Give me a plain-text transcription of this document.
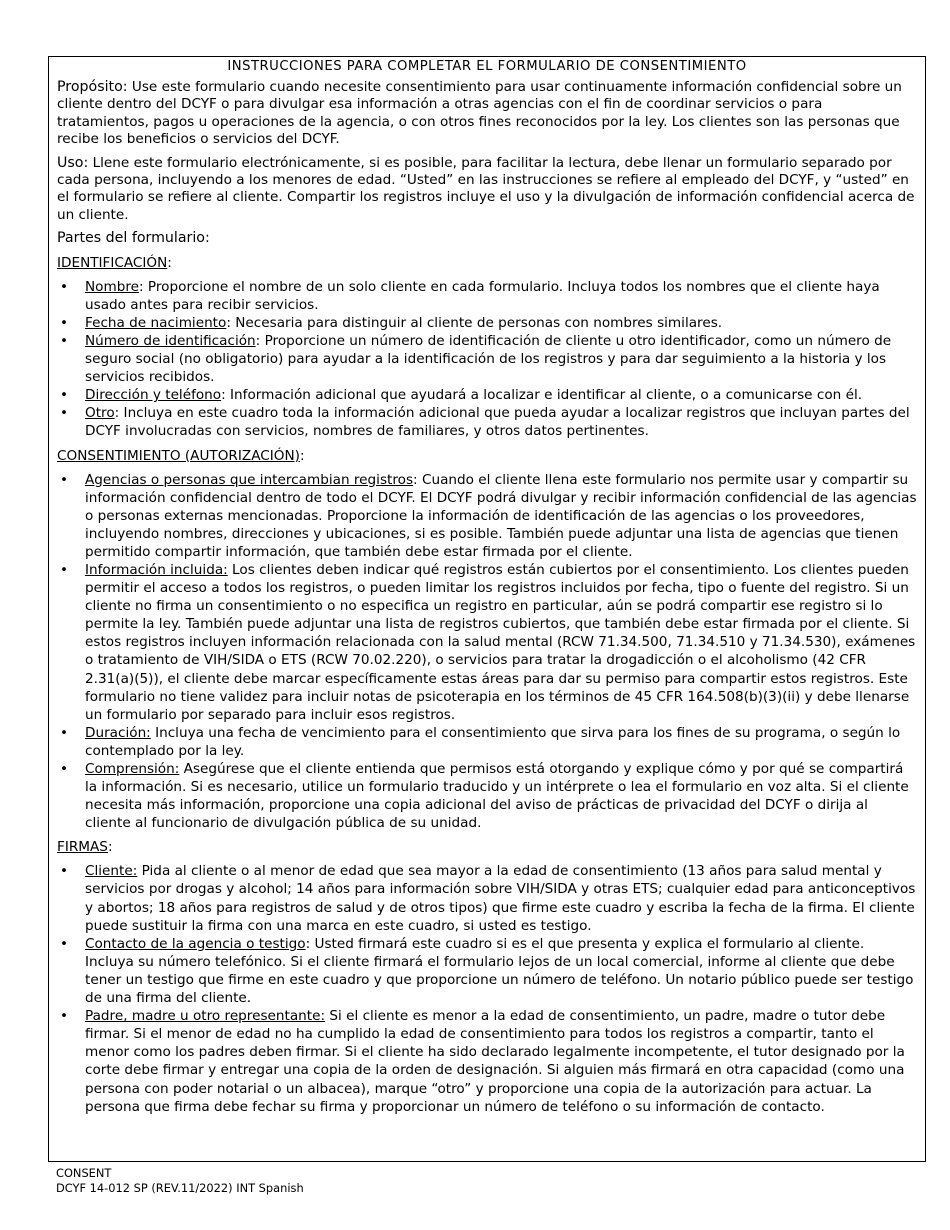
INSTRUCCIONES PARA COMPLETAR EL FORMULARIO DE CONSENTIMIENTO

Propósito: Use este formulario cuando necesite consentimiento para usar continuamente información confidencial sobre un cliente dentro del DCYF o para divulgar esa información a otras agencias con el fin de coordinar servicios o para tratamientos, pagos u operaciones de la agencia, o con otros fines reconocidos por la ley. Los clientes son las personas que recibe los beneficios o servicios del DCYF.

Uso: Llene este formulario electrónicamente, si es posible, para facilitar la lectura, debe llenar un formulario separado por cada persona, incluyendo a los menores de edad. “Usted” en las instrucciones se refiere al empleado del DCYF, y “usted” en el formulario se refiere al cliente. Compartir los registros incluye el uso y la divulgación de información confidencial acerca de un cliente.

Partes del formulario:

IDENTIFICACIÓN:
• Nombre: Proporcione el nombre de un solo cliente en cada formulario. Incluya todos los nombres que el cliente haya usado antes para recibir servicios.
• Fecha de nacimiento: Necesaria para distinguir al cliente de personas con nombres similares.
• Número de identificación: Proporcione un número de identificación de cliente u otro identificador, como un número de seguro social (no obligatorio) para ayudar a la identificación de los registros y para dar seguimiento a la historia y los servicios recibidos.
• Dirección y teléfono: Información adicional que ayudará a localizar e identificar al cliente, o a comunicarse con él.
• Otro: Incluya en este cuadro toda la información adicional que pueda ayudar a localizar registros que incluyan partes del DCYF involucradas con servicios, nombres de familiares, y otros datos pertinentes.
CONSENTIMIENTO (AUTORIZACIÓN):
• Agencias o personas que intercambian registros: Cuando el cliente llena este formulario nos permite usar y compartir su información confidencial dentro de todo el DCYF. El DCYF podrá divulgar y recibir información confidencial de las agencias o personas externas mencionadas. Proporcione la información de identificación de las agencias o los proveedores, incluyendo nombres, direcciones y ubicaciones, si es posible. También puede adjuntar una lista de agencias que tienen permitido compartir información, que también debe estar firmada por el cliente.
• Información incluida: Los clientes deben indicar qué registros están cubiertos por el consentimiento. Los clientes pueden permitir el acceso a todos los registros, o pueden limitar los registros incluidos por fecha, tipo o fuente del registro. Si un cliente no firma un consentimiento o no especifica un registro en particular, aún se podrá compartir ese registro si lo permite la ley. También puede adjuntar una lista de registros cubiertos, que también debe estar firmada por el cliente. Si estos registros incluyen información relacionada con la salud mental (RCW 71.34.500, 71.34.510 y 71.34.530), exámenes o tratamiento de VIH/SIDA o ETS (RCW 70.02.220), o servicios para tratar la drogadicción o el alcoholismo (42 CFR 2.31(a)(5)), el cliente debe marcar específicamente estas áreas para dar su permiso para compartir estos registros. Este formulario no tiene validez para incluir notas de psicoterapia en los términos de 45 CFR 164.508(b)(3)(ii) y debe llenarse un formulario por separado para incluir esos registros.
• Duración: Incluya una fecha de vencimiento para el consentimiento que sirva para los fines de su programa, o según lo contemplado por la ley.
• Comprensión: Asegúrese que el cliente entienda que permisos está otorgando y explique cómo y por qué se compartirá la información. Si es necesario, utilice un formulario traducido y un intérprete o lea el formulario en voz alta. Si el cliente necesita más información, proporcione una copia adicional del aviso de prácticas de privacidad del DCYF o dirija al cliente al funcionario de divulgación pública de su unidad.
FIRMAS:
• Cliente: Pida al cliente o al menor de edad que sea mayor a la edad de consentimiento (13 años para salud mental y servicios por drogas y alcohol; 14 años para información sobre VIH/SIDA y otras ETS; cualquier edad para anticonceptivos y abortos; 18 años para registros de salud y de otros tipos) que firme este cuadro y escriba la fecha de la firma. El cliente puede sustituir la firma con una marca en este cuadro, si usted es testigo.
• Contacto de la agencia o testigo: Usted firmará este cuadro si es el que presenta y explica el formulario al cliente. Incluya su número telefónico. Si el cliente firmará el formulario lejos de un local comercial, informe al cliente que debe tener un testigo que firme en este cuadro y que proporcione un número de teléfono. Un notario público puede ser testigo de una firma del cliente.
• Padre, madre u otro representante: Si el cliente es menor a la edad de consentimiento, un padre, madre o tutor debe firmar. Si el menor de edad no ha cumplido la edad de consentimiento para todos los registros a compartir, tanto el menor como los padres deben firmar. Si el cliente ha sido declarado legalmente incompetente, el tutor designado por la corte debe firmar y entregar una copia de la orden de designación. Si alguien más firmará en otra capacidad (como una persona con poder notarial o un albacea), marque “otro” y proporcione una copia de la autorización para actuar. La persona que firma debe fechar su firma y proporcionar un número de teléfono o su información de contacto.
CONSENT
DCYF 14-012 SP (REV.11/2022) INT Spanish
